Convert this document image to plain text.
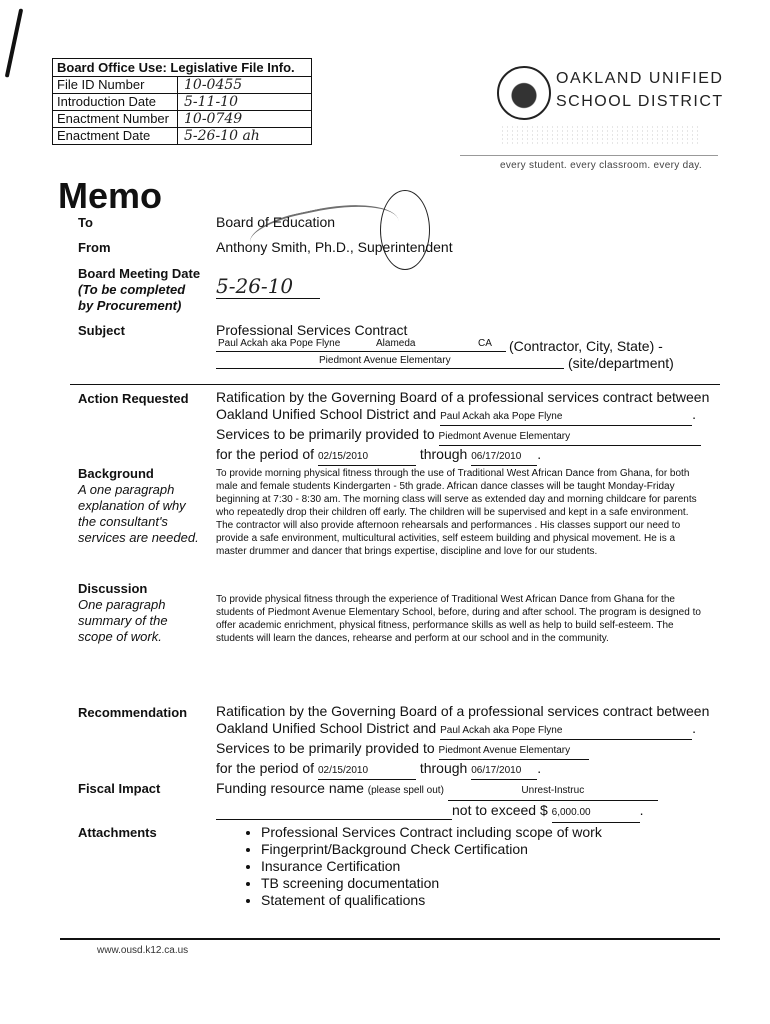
Board Office Use: Legislative File Info.
File ID Number	10-0455
Introduction Date	5-11-10
Enactment Number	10-0749
Enactment Date	5-26-10 ah
OAKLAND UNIFIED
SCHOOL DISTRICT
every student. every classroom. every day.
Memo
To	Board of Education
From	Anthony Smith, Ph.D., Superintendent
Board Meeting Date
(To be completed
by Procurement)
5-26-10
Subject	Professional Services Contract
Paul Ackah aka Pope Flyne	Alameda	CA (Contractor, City, State) -
Piedmont Avenue Elementary	(site/department)
Action Requested Ratification by the Governing Board of a professional services contract between
Oakland Unified School District and Paul Ackah aka Pope Flyne	.
Services to be primarily provided to Piedmont Avenue Elementary
for the period of 02/15/2010	through 06/17/2010 .
Background
A one paragraph
explanation of why
the consultant's
services are needed.
To provide morning physical fitness through the use of Traditional West African Dance from Ghana, for both male and female students Kindergarten - 5th grade. African dance classes will be taught Monday-Friday beginning at 7:30 - 8:30 am. The morning class will serve as extended day and morning childcare for parents who repeatedly drop their children off early. The children will be supervised and kept in a safe environment. The contractor will also provide afternoon rehearsals and performances . His classes support our need to provide a safe environment, multicultural activities, self esteem building and physical movement. He is a master drummer and dancer that brings expertise, discipline and love for our students.
Discussion
One paragraph
summary of the
scope of work.
To provide physical fitness through the experience of Traditional West African Dance from Ghana for the students of Piedmont Avenue Elementary School, before, during and after school. The program is designed to offer academic enrichment, physical fitness, performance skills as well as help to build self-esteem. The students will learn the dances, rehearse and perform at our school and in the community.
Recommendation Ratification by the Governing Board of a professional services contract between
Oakland Unified School District and Paul Ackah aka Pope Flyne	.
Services to be primarily provided to Piedmont Avenue Elementary
for the period of 02/15/2010	through 06/17/2010 .
Fiscal Impact	Funding resource name (please spell out)	Unrest-Instruc
not to exceed $ 6,000.00	.
Attachments
•	Professional Services Contract including scope of work
• Fingerprint/Background Check Certification
• Insurance Certification
• TB screening documentation
• Statement of qualifications
www.ousd.k12.ca.us
